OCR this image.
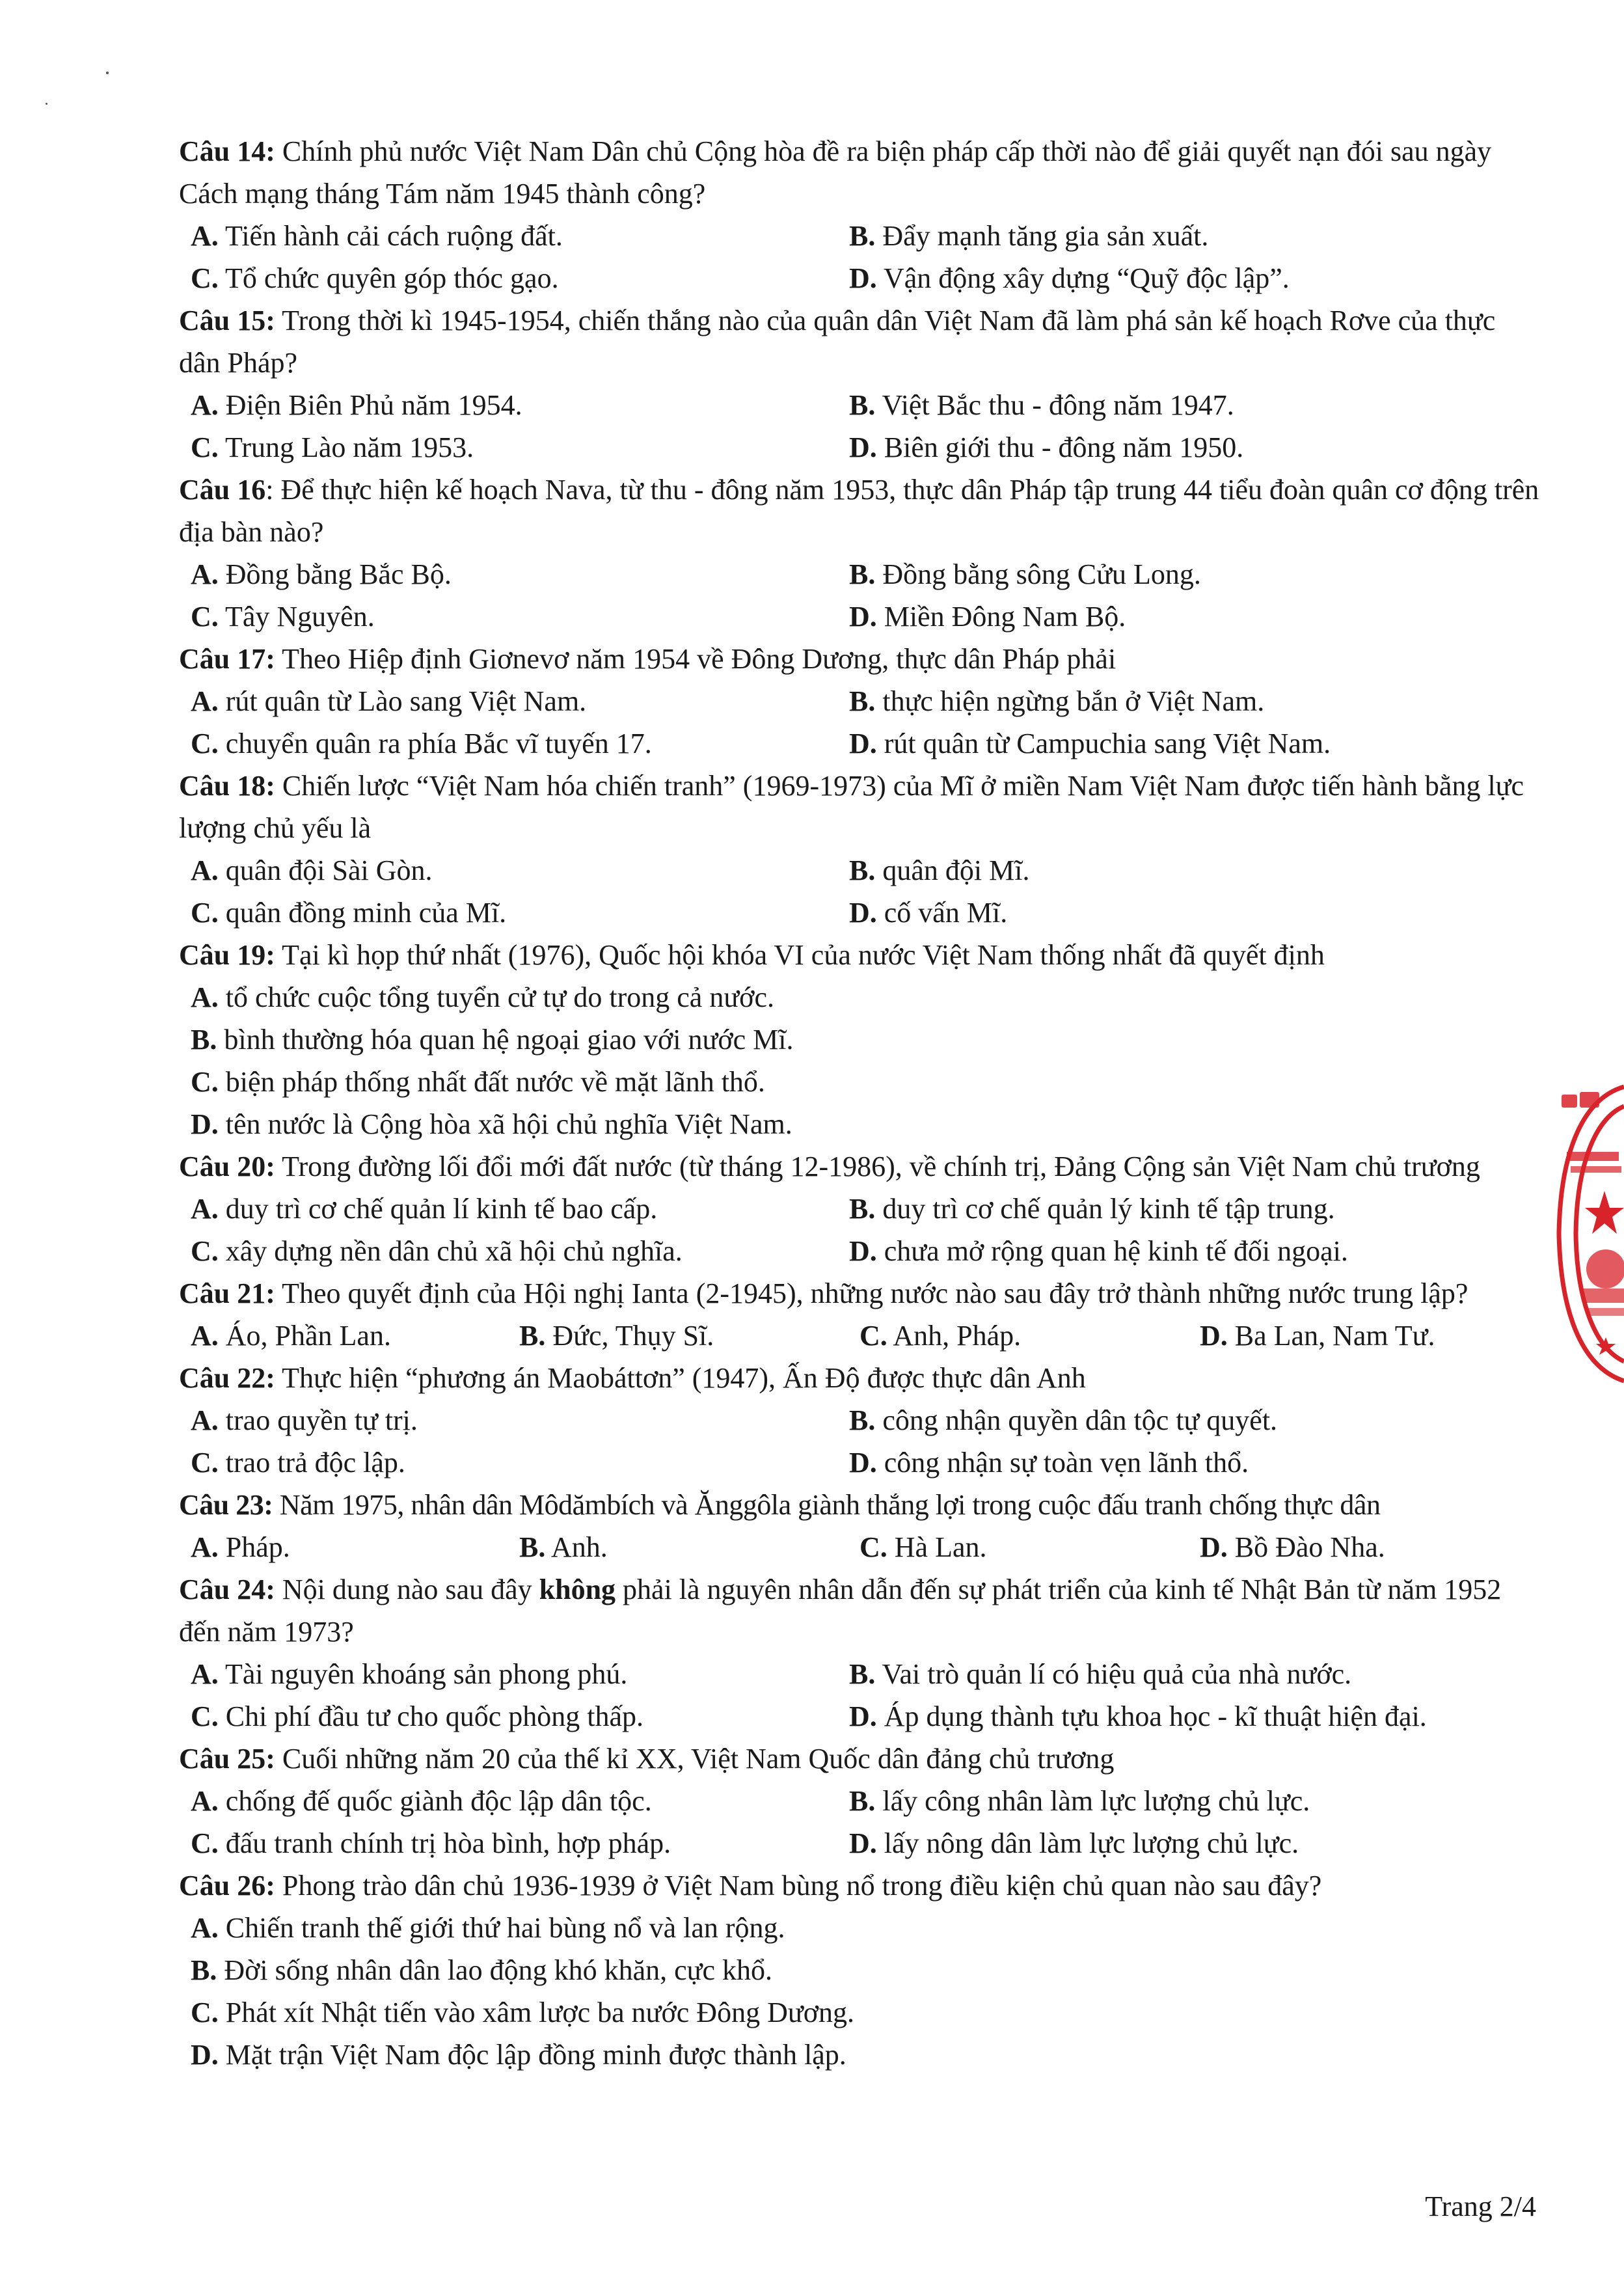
Câu 14: Chính phủ nước Việt Nam Dân chủ Cộng hòa đề ra biện pháp cấp thời nào để giải quyết nạn đói sau ngày Cách mạng tháng Tám năm 1945 thành công?

A. Tiến hành cải cách ruộng đất.	B. Đẩy mạnh tăng gia sản xuất.
C. Tổ chức quyên góp thóc gạo.	D. Vận động xây dựng “Quỹ độc lập”.

Câu 15: Trong thời kì 1945-1954, chiến thắng nào của quân dân Việt Nam đã làm phá sản kế hoạch Rơve của thực dân Pháp?

A. Điện Biên Phủ năm 1954.	B. Việt Bắc thu - đông năm 1947.
C. Trung Lào năm 1953.	D. Biên giới thu - đông năm 1950.

Câu 16: Để thực hiện kế hoạch Nava, từ thu - đông năm 1953, thực dân Pháp tập trung 44 tiểu đoàn quân cơ động trên địa bàn nào?

A. Đồng bằng Bắc Bộ.	B. Đồng bằng sông Cửu Long.
C. Tây Nguyên.	D. Miền Đông Nam Bộ.

Câu 17: Theo Hiệp định Giơnevơ năm 1954 về Đông Dương, thực dân Pháp phải

A. rút quân từ Lào sang Việt Nam.	B. thực hiện ngừng bắn ở Việt Nam.
C. chuyển quân ra phía Bắc vĩ tuyến 17.	D. rút quân từ Campuchia sang Việt Nam.

Câu 18: Chiến lược “Việt Nam hóa chiến tranh” (1969-1973) của Mĩ ở miền Nam Việt Nam được tiến hành bằng lực lượng chủ yếu là

A. quân đội Sài Gòn.	B. quân đội Mĩ.
C. quân đồng minh của Mĩ.	D. cố vấn Mĩ.

Câu 19: Tại kì họp thứ nhất (1976), Quốc hội khóa VI của nước Việt Nam thống nhất đã quyết định

A. tổ chức cuộc tổng tuyển cử tự do trong cả nước.
B. bình thường hóa quan hệ ngoại giao với nước Mĩ.
C. biện pháp thống nhất đất nước về mặt lãnh thổ.
D. tên nước là Cộng hòa xã hội chủ nghĩa Việt Nam.

Câu 20: Trong đường lối đổi mới đất nước (từ tháng 12-1986), về chính trị, Đảng Cộng sản Việt Nam chủ trương

A. duy trì cơ chế quản lí kinh tế bao cấp.	B. duy trì cơ chế quản lý kinh tế tập trung.
C. xây dựng nền dân chủ xã hội chủ nghĩa.	D. chưa mở rộng quan hệ kinh tế đối ngoại.

Câu 21: Theo quyết định của Hội nghị Ianta (2-1945), những nước nào sau đây trở thành những nước trung lập?

A. Áo, Phần Lan.	B. Đức, Thụy Sĩ.	C. Anh, Pháp.	D. Ba Lan, Nam Tư.

Câu 22: Thực hiện “phương án Maobáttơn” (1947), Ấn Độ được thực dân Anh

A. trao quyền tự trị.	B. công nhận quyền dân tộc tự quyết.
C. trao trả độc lập.	D. công nhận sự toàn vẹn lãnh thổ.

Câu 23: Năm 1975, nhân dân Môdămbích và Ănggôla giành thắng lợi trong cuộc đấu tranh chống thực dân

A. Pháp.	B. Anh.	C. Hà Lan.	D. Bồ Đào Nha.

Câu 24: Nội dung nào sau đây không phải là nguyên nhân dẫn đến sự phát triển của kinh tế Nhật Bản từ năm 1952 đến năm 1973?

A. Tài nguyên khoáng sản phong phú.	B. Vai trò quản lí có hiệu quả của nhà nước.
C. Chi phí đầu tư cho quốc phòng thấp.	D. Áp dụng thành tựu khoa học - kĩ thuật hiện đại.

Câu 25: Cuối những năm 20 của thế kỉ XX, Việt Nam Quốc dân đảng chủ trương

A. chống đế quốc giành độc lập dân tộc.	B. lấy công nhân làm lực lượng chủ lực.
C. đấu tranh chính trị hòa bình, hợp pháp.	D. lấy nông dân làm lực lượng chủ lực.

Câu 26: Phong trào dân chủ 1936-1939 ở Việt Nam bùng nổ trong điều kiện chủ quan nào sau đây?

A. Chiến tranh thế giới thứ hai bùng nổ và lan rộng.
B. Đời sống nhân dân lao động khó khăn, cực khổ.
C. Phát xít Nhật tiến vào xâm lược ba nước Đông Dương.
D. Mặt trận Việt Nam độc lập đồng minh được thành lập.
Trang 2/4
